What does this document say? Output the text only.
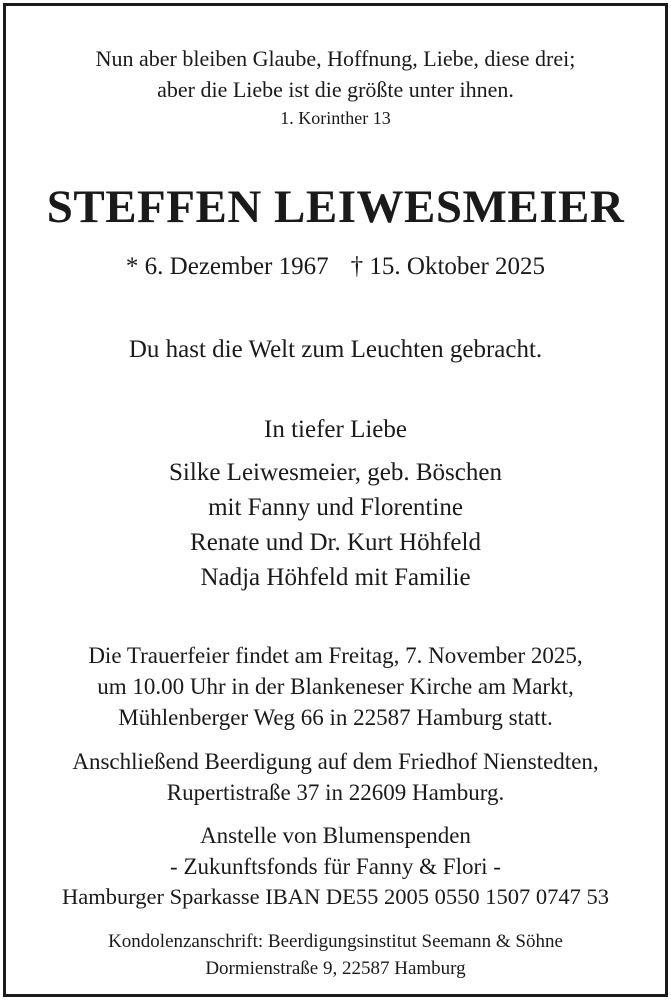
Nun aber bleiben Glaube, Hoffnung, Liebe, diese drei;
aber die Liebe ist die größte unter ihnen.
1. Korinther 13
STEFFEN LEIWESMEIER
* 6. Dezember 1967 † 15. Oktober 2025
Du hast die Welt zum Leuchten gebracht.
In tiefer Liebe
Silke Leiwesmeier, geb. Böschen
mit Fanny und Florentine
Renate und Dr. Kurt Höhfeld
Nadja Höhfeld mit Familie
Die Trauerfeier findet am Freitag, 7. November 2025,
um 10.00 Uhr in der Blankeneser Kirche am Markt,
Mühlenberger Weg 66 in 22587 Hamburg statt.
Anschließend Beerdigung auf dem Friedhof Nienstedten,
Rupertistraße 37 in 22609 Hamburg.
Anstelle von Blumenspenden
- Zukunftsfonds für Fanny & Flori -
Hamburger Sparkasse IBAN DE55 2005 0550 1507 0747 53
Kondolenzanschrift: Beerdigungsinstitut Seemann & Söhne
Dormienstraße 9, 22587 Hamburg
